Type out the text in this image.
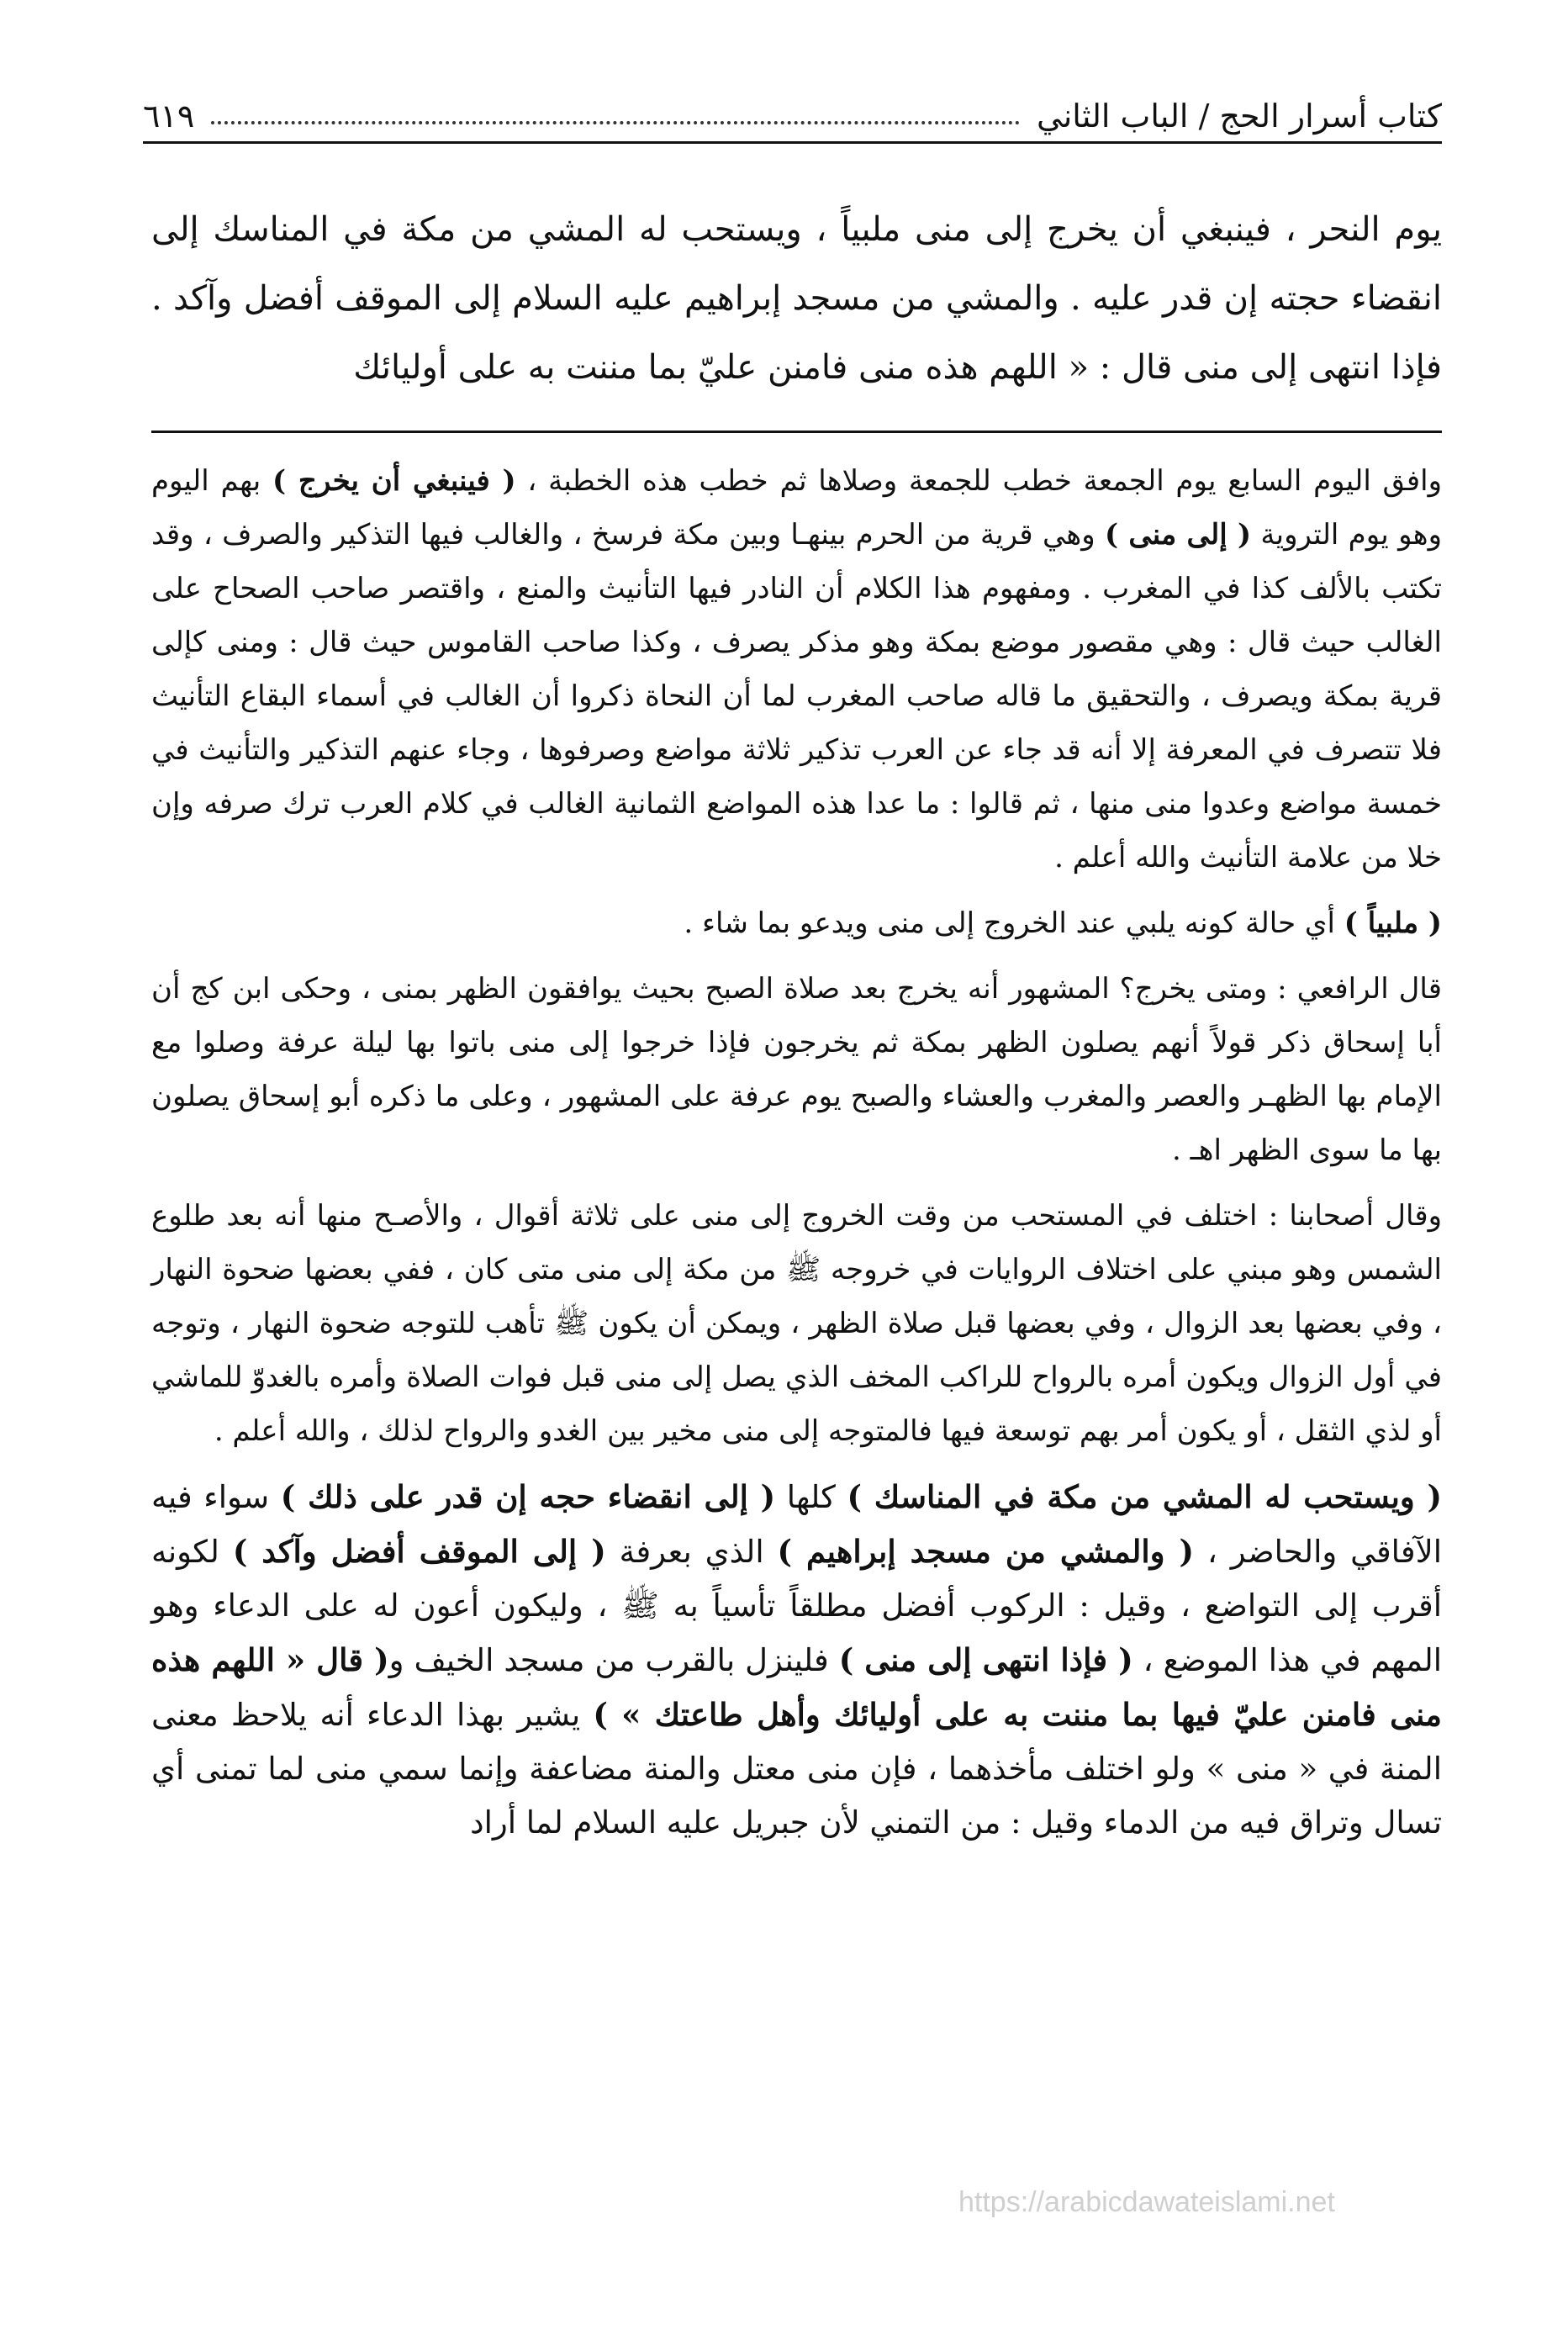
كتاب أسرار الحج / الباب الثاني
٦١٩

يوم النحر ، فينبغي أن يخرج إلى منى ملبياً ، ويستحب له المشي من مكة في المناسك إلى انقضاء حجته إن قدر عليه . والمشي من مسجد إبراهيم عليه السلام إلى الموقف أفضل وآكد . فإذا انتهى إلى منى قال : « اللهم هذه منى فامنن عليّ بما مننت به على أوليائك

وافق اليوم السابع يوم الجمعة خطب للجمعة وصلاها ثم خطب هذه الخطبة ، ( فينبغي أن يخرج ) بهم اليوم وهو يوم التروية ( إلى منى ) وهي قرية من الحرم بينهـا وبين مكة فرسخ ، والغالب فيها التذكير والصرف ، وقد تكتب بالألف كذا في المغرب . ومفهوم هذا الكلام أن النادر فيها التأنيث والمنع ، واقتصر صاحب الصحاح على الغالب حيث قال : وهي مقصور موضع بمكة وهو مذكر يصرف ، وكذا صاحب القاموس حيث قال : ومنى كإلى قرية بمكة ويصرف ، والتحقيق ما قاله صاحب المغرب لما أن النحاة ذكروا أن الغالب في أسماء البقاع التأنيث فلا تتصرف في المعرفة إلا أنه قد جاء عن العرب تذكير ثلاثة مواضع وصرفوها ، وجاء عنهم التذكير والتأنيث في خمسة مواضع وعدوا منى منها ، ثم قالوا : ما عدا هذه المواضع الثمانية الغالب في كلام العرب ترك صرفه وإن خلا من علامة التأنيث والله أعلم .

( ملبياً ) أي حالة كونه يلبي عند الخروج إلى منى ويدعو بما شاء .

قال الرافعي : ومتى يخرج؟ المشهور أنه يخرج بعد صلاة الصبح بحيث يوافقون الظهر بمنى ، وحكى ابن كج أن أبا إسحاق ذكر قولاً أنهم يصلون الظهر بمكة ثم يخرجون فإذا خرجوا إلى منى باتوا بها ليلة عرفة وصلوا مع الإمام بها الظهـر والعصر والمغرب والعشاء والصبح يوم عرفة على المشهور ، وعلى ما ذكره أبو إسحاق يصلون بها ما سوى الظهر اهـ .

وقال أصحابنا : اختلف في المستحب من وقت الخروج إلى منى على ثلاثة أقوال ، والأصـح منها أنه بعد طلوع الشمس وهو مبني على اختلاف الروايات في خروجه ﷺ من مكة إلى منى متى كان ، ففي بعضها ضحوة النهار ، وفي بعضها بعد الزوال ، وفي بعضها قبل صلاة الظهر ، ويمكن أن يكون ﷺ تأهب للتوجه ضحوة النهار ، وتوجه في أول الزوال ويكون أمره بالرواح للراكب المخف الذي يصل إلى منى قبل فوات الصلاة وأمره بالغدوّ للماشي أو لذي الثقل ، أو يكون أمر بهم توسعة فيها فالمتوجه إلى منى مخير بين الغدو والرواح لذلك ، والله أعلم .

( ويستحب له المشي من مكة في المناسك ) كلها ( إلى انقضاء حجه إن قدر على ذلك ) سواء فيه الآفاقي والحاضر ، ( والمشي من مسجد إبراهيم ) الذي بعرفة ( إلى الموقف أفضل وآكد ) لكونه أقرب إلى التواضع ، وقيل : الركوب أفضل مطلقاً تأسياً به ﷺ ، وليكون أعون له على الدعاء وهو المهم في هذا الموضع ، ( فإذا انتهى إلى منى ) فلينزل بالقرب من مسجد الخيف و( قال « اللهم هذه منى فامنن عليّ فيها بما مننت به على أوليائك وأهل طاعتك » ) يشير بهذا الدعاء أنه يلاحظ معنى المنة في « منى » ولو اختلف مأخذهما ، فإن منى معتل والمنة مضاعفة وإنما سمي منى لما تمنى أي تسال وتراق فيه من الدماء وقيل : من التمني لأن جبريل عليه السلام لما أراد

https://arabicdawateislami.net
